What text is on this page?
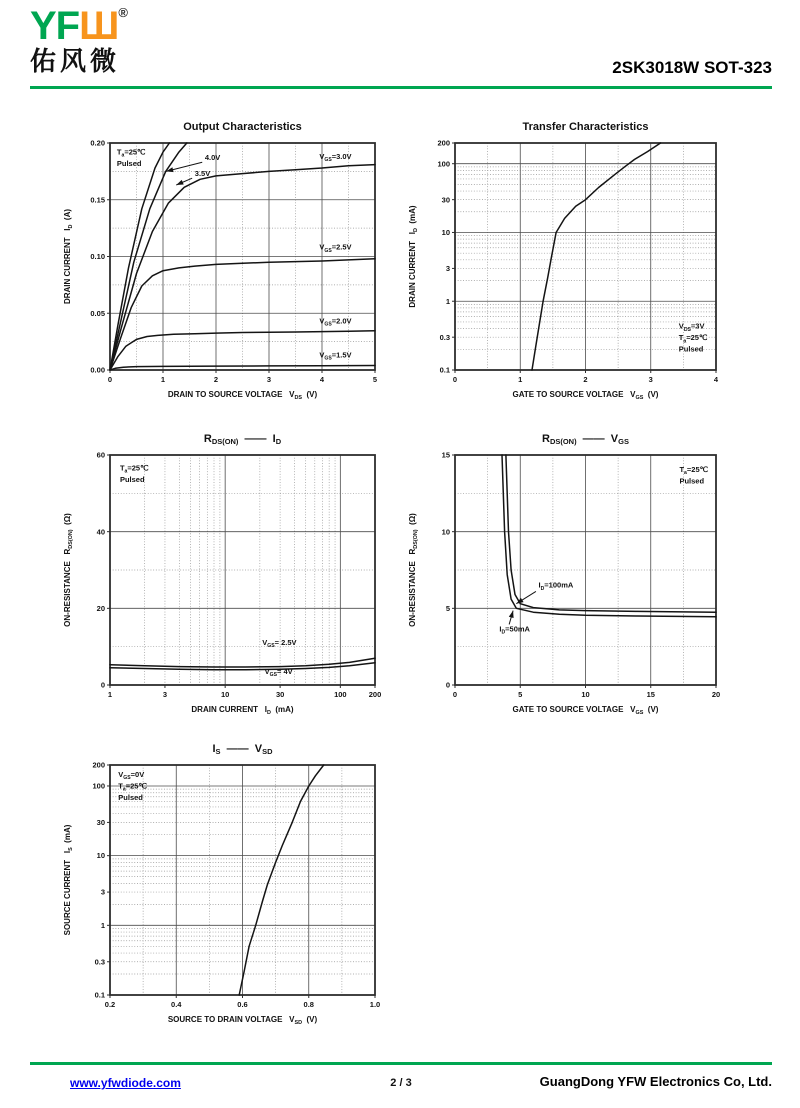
YFШ®
佑风微	2SK3018W SOT-323
0	1	2	3	4	5
0.00
0.05
0.10
0.15
0.20
DRAIN TO SOURCE VOLTAGE   $V_{DS}$  (V)
DRAIN CURRENT   $I_D$  (A)
Output Characteristics
$T_a=25℃$
Pulsed
4.0V
3.5V
$V_{GS}=3.0V$
$V_{GS}=2.5V$
$V_{GS}=2.0V$
$V_{GS}=1.5V$
0	1	2	3	4
200
100
30
10
3
1
0.3
0.1
GATE TO SOURCE VOLTAGE   $V_{GS}$  (V)
DRAIN CURRENT   $I_D$  (mA)
Transfer Characteristics
$V_{DS}=3V$
$T_a=25℃$
Pulsed
1	3	10	30	100	200
0
20
40
60
DRAIN CURRENT   $I_D$  (mA)
ON-RESISTANCE   $R_{DS(ON)}$  (Ω)
$R_{DS(ON)}$  ——  $I_D$
$T_a=25℃$
Pulsed
$V_{GS}= 2.5V$
$V_{GS}= 4V$
0	5	10	15	20
0
5
10
15
GATE TO SOURCE VOLTAGE   $V_{GS}$  (V)
ON-RESISTANCE   $R_{DS(ON)}$  (Ω)
$R_{DS(ON)}$  ——  $V_{GS}$
$T_a=25℃$
Pulsed
$I_D=100mA$
$I_D=50mA$
0.2	0.4	0.6	0.8	1.0
200
100
30
10
3
1
0.3
0.1
SOURCE TO DRAIN VOLTAGE   $V_{SD}$  (V)
SOURCE CURRENT   $I_S$  (mA)
$I_S$  ——  $V_{SD}$
$V_{GS}=0V$
$T_a=25℃$
Pulsed
www.yfwdiode.com	2 / 3	GuangDong YFW Electronics Co, Ltd.
